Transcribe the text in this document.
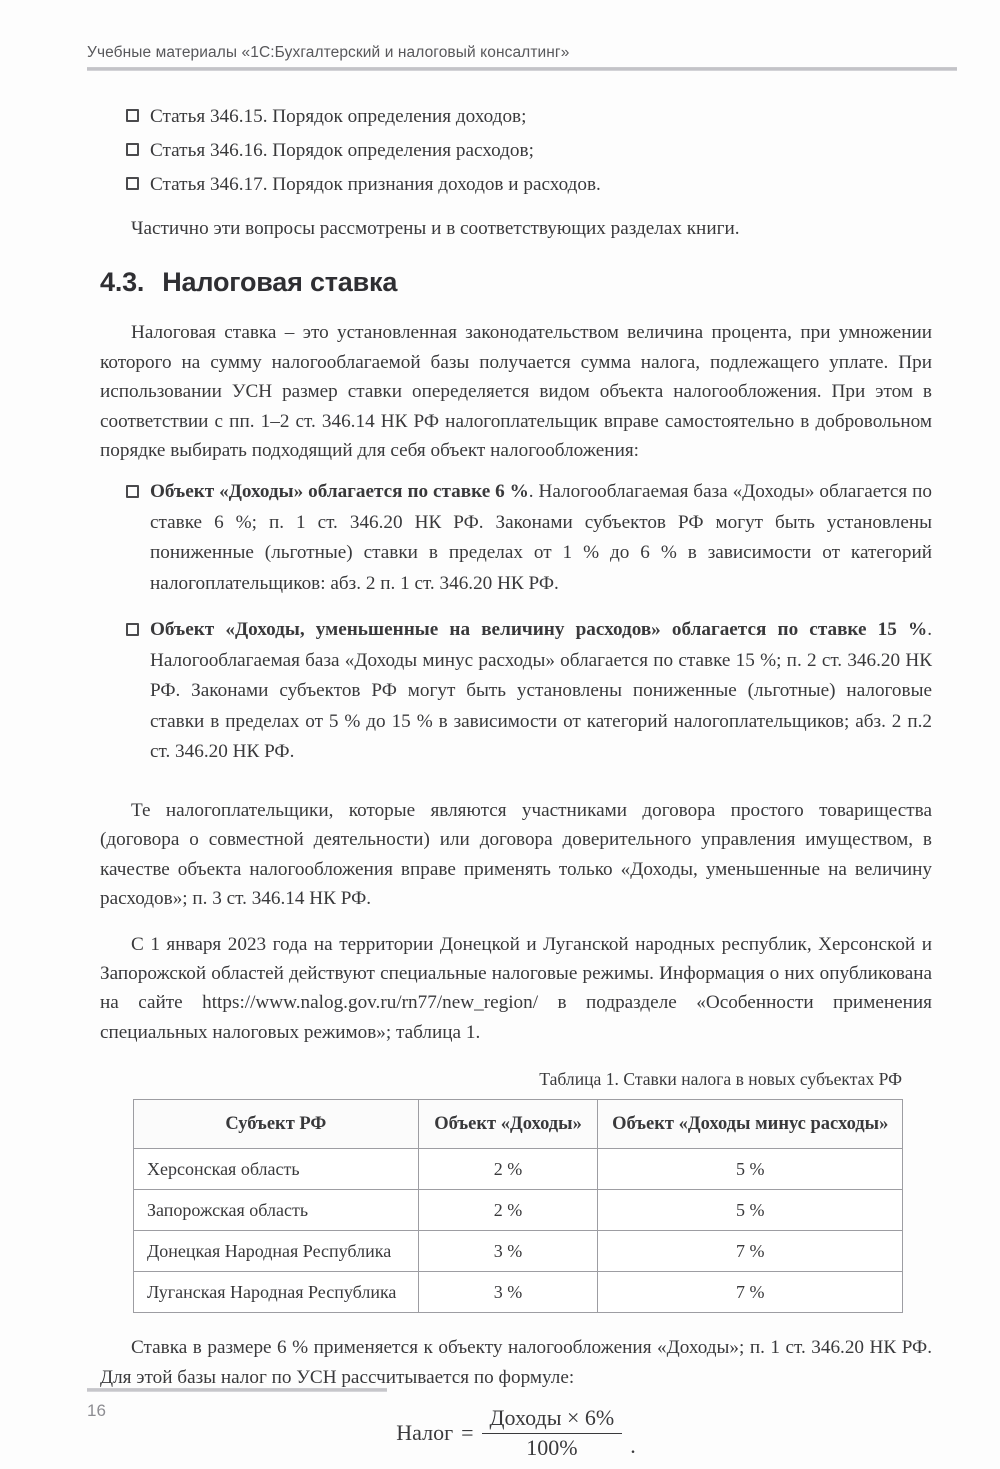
Учебные материалы «1С:Бухгалтерский и налоговый консалтинг»
Статья 346.15. Порядок определения доходов;
Статья 346.16. Порядок определения расходов;
Статья 346.17. Порядок признания доходов и расходов.

Частично эти вопросы рассмотрены и в соответствующих разделах книги.

4.3. Налоговая ставка

Налоговая ставка – это установленная законодательством величина процента, при умножении которого на сумму налогооблагаемой базы получается сумма налога, подлежащего уплате. При использовании УСН размер ставки опеределяется видом объекта налогообложения. При этом в соответствии с пп. 1–2 ст. 346.14 НК РФ налогоплательщик вправе самостоятельно в добровольном порядке выбирать подходящий для себя объект налогообложения:

Объект «Доходы» облагается по ставке 6 %. Налогооблагаемая база «Доходы» облагается по ставке 6 %; п. 1 ст. 346.20 НК РФ. Законами субъектов РФ могут быть установлены пониженные (льготные) ставки в пределах от 1 % до 6 % в зависимости от категорий налогоплательщиков: абз. 2 п. 1 ст. 346.20 НК РФ.
Объект «Доходы, уменьшенные на величину расходов» облагается по ставке 15 %. Налогооблагаемая база «Доходы минус расходы» облагается по ставке 15 %; п. 2 ст. 346.20 НК РФ. Законами субъектов РФ могут быть установлены пониженные (льготные) налоговые ставки в пределах от 5 % до 15 % в зависимости от категорий налогоплательщиков; абз. 2 п.2 ст. 346.20 НК РФ.

Те налогоплательщики, которые являются участниками договора простого товарищества (договора о совместной деятельности) или договора доверительного управления имуществом, в качестве объекта налогообложения вправе применять только «Доходы, уменьшенные на величину расходов»; п. 3 ст. 346.14 НК РФ.

С 1 января 2023 года на территории Донецкой и Луганской народных республик, Херсонской и Запорожской областей действуют специальные налоговые режимы. Информация о них опубликована на сайте https://www.nalog.gov.ru/rn77/new_region/ в подразделе «Особенности применения специальных налоговых режимов»; таблица 1.

Таблица 1. Ставки налога в новых субъектах РФ
Субъект РФ	Объект «Доходы»	Объект «Доходы минус расходы»
Херсонская область	2 %	5 %
Запорожская область	2 %	5 %
Донецкая Народная Республика	3 %	7 %
Луганская Народная Республика	3 %	7 %

Ставка в размере 6 % применяется к объекту налогообложения «Доходы»; п. 1 ст. 346.20 НК РФ. Для этой базы налог по УСН рассчитывается по формуле:

Налог = $\frac{\text{Доходы × 6\%}}{100\%}$ .
16
